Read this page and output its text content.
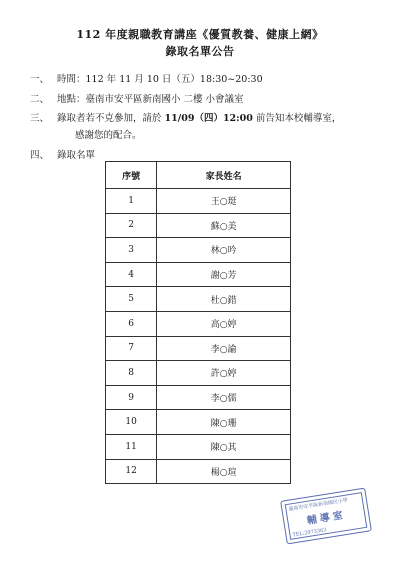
112 年度親職教育講座《優質教養、健康上網》
錄取名單公告
一、 時間：112 年 11 月 10 日（五）18:30~20:30
二、 地點：臺南市安平區新南國小 二樓 小會議室
三、 錄取者若不克參加，請於 11/09（四）12:00 前告知本校輔導室，
感謝您的配合。
四、 錄取名單
序號	家長姓名
1	王○珽
2	蘇○美
3	林○吟
4	謝○芳
5	杜○錯
6	高○婷
7	李○諭
8	許○婷
9	李○儒
10	陳○珊
11	陳○其
12	楊○瑄
臺南市安平區新南國民小學
輔導室
TEL:2973363
